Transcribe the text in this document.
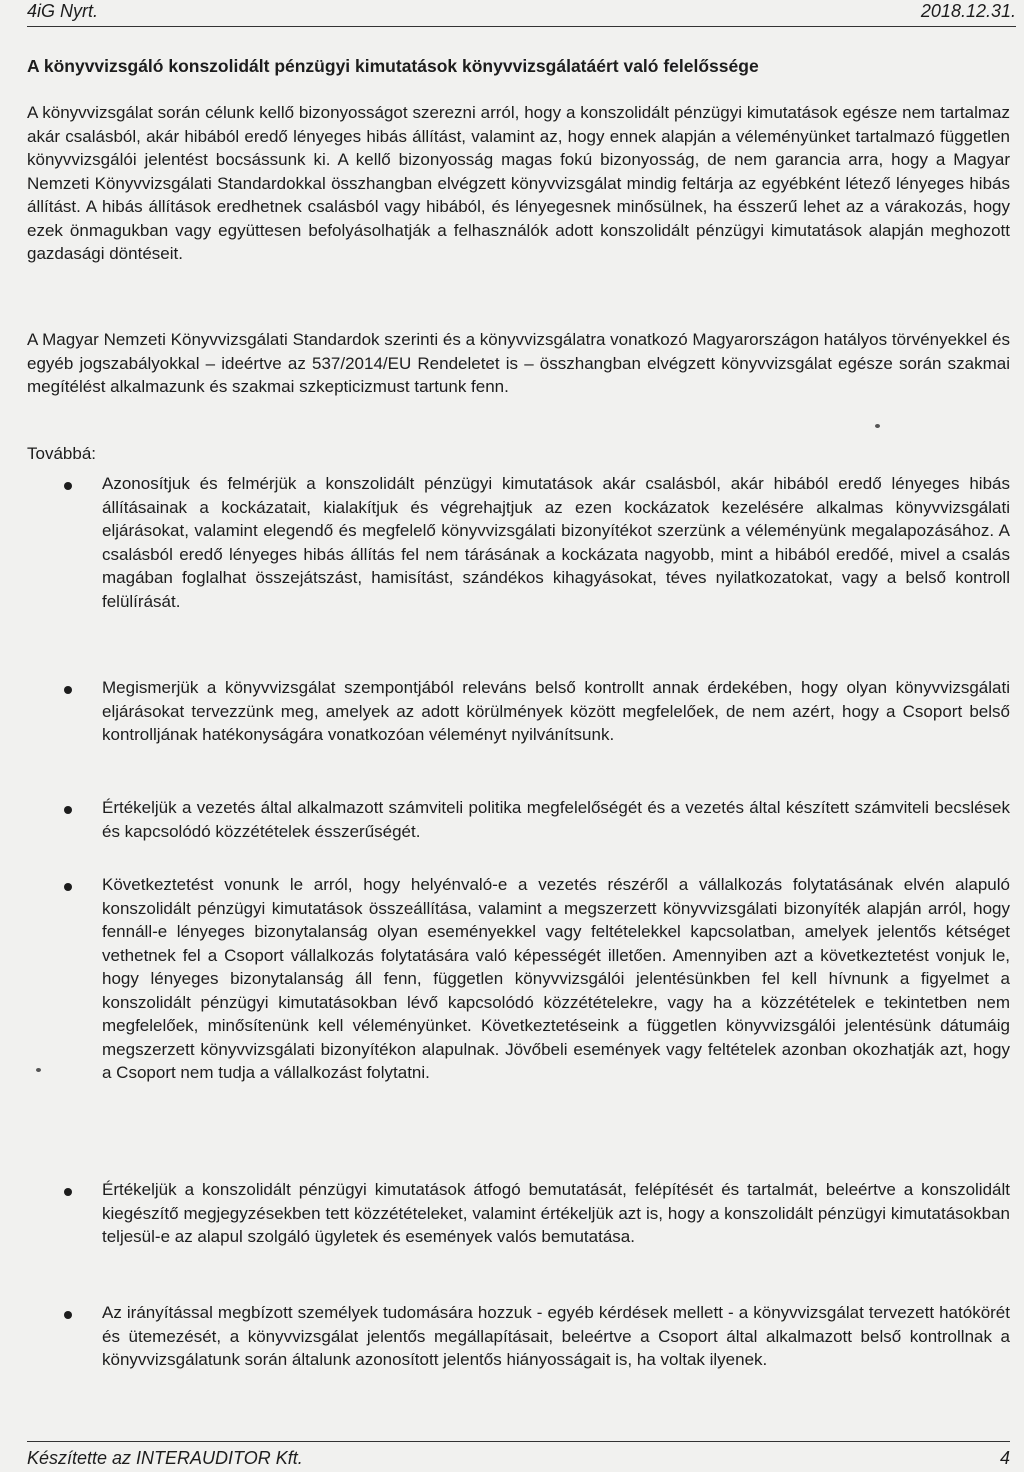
4iG Nyrt.	2018.12.31.
A könyvvizsgáló konszolidált pénzügyi kimutatások könyvvizsgálatáért való felelőssége

A könyvvizsgálat során célunk kellő bizonyosságot szerezni arról, hogy a konszolidált pénzügyi kimutatások egésze nem tartalmaz akár csalásból, akár hibából eredő lényeges hibás állítást, valamint az, hogy ennek alapján a véleményünket tartalmazó független könyvvizsgálói jelentést bocsássunk ki. A kellő bizonyosság magas fokú bizonyosság, de nem garancia arra, hogy a Magyar Nemzeti Könyvvizsgálati Standardokkal összhangban elvégzett könyvvizsgálat mindig feltárja az egyébként létező lényeges hibás állítást. A hibás állítások eredhetnek csalásból vagy hibából, és lényegesnek minősülnek, ha ésszerű lehet az a várakozás, hogy ezek önmagukban vagy együttesen befolyásolhatják a felhasználók adott konszolidált pénzügyi kimutatások alapján meghozott gazdasági döntéseit.

A Magyar Nemzeti Könyvvizsgálati Standardok szerinti és a könyvvizsgálatra vonatkozó Magyarországon hatályos törvényekkel és egyéb jogszabályokkal – ideértve az 537/2014/EU Rendeletet is – összhangban elvégzett könyvvizsgálat egésze során szakmai megítélést alkalmazunk és szakmai szkepticizmust tartunk fenn.

Továbbá:

Azonosítjuk és felmérjük a konszolidált pénzügyi kimutatások akár csalásból, akár hibából eredő lényeges hibás állításainak a kockázatait, kialakítjuk és végrehajtjuk az ezen kockázatok kezelésére alkalmas könyvvizsgálati eljárásokat, valamint elegendő és megfelelő könyvvizsgálati bizonyítékot szerzünk a véleményünk megalapozásához. A csalásból eredő lényeges hibás állítás fel nem tárásának a kockázata nagyobb, mint a hibából eredőé, mivel a csalás magában foglalhat összejátszást, hamisítást, szándékos kihagyásokat, téves nyilatkozatokat, vagy a belső kontroll felülírását.

Megismerjük a könyvvizsgálat szempontjából releváns belső kontrollt annak érdekében, hogy olyan könyvvizsgálati eljárásokat tervezzünk meg, amelyek az adott körülmények között megfelelőek, de nem azért, hogy a Csoport belső kontrolljának hatékonyságára vonatkozóan véleményt nyilvánítsunk.

Értékeljük a vezetés által alkalmazott számviteli politika megfelelőségét és a vezetés által készített számviteli becslések és kapcsolódó közzétételek ésszerűségét.

Következtetést vonunk le arról, hogy helyénvaló-e a vezetés részéről a vállalkozás folytatásának elvén alapuló konszolidált pénzügyi kimutatások összeállítása, valamint a megszerzett könyvvizsgálati bizonyíték alapján arról, hogy fennáll-e lényeges bizonytalanság olyan eseményekkel vagy feltételekkel kapcsolatban, amelyek jelentős kétséget vethetnek fel a Csoport vállalkozás folytatására való képességét illetően. Amennyiben azt a következtetést vonjuk le, hogy lényeges bizonytalanság áll fenn, független könyvvizsgálói jelentésünkben fel kell hívnunk a figyelmet a konszolidált pénzügyi kimutatásokban lévő kapcsolódó közzétételekre, vagy ha a közzétételek e tekintetben nem megfelelőek, minősítenünk kell véleményünket. Következtetéseink a független könyvvizsgálói jelentésünk dátumáig megszerzett könyvvizsgálati bizonyítékon alapulnak. Jövőbeli események vagy feltételek azonban okozhatják azt, hogy a Csoport nem tudja a vállalkozást folytatni.

Értékeljük a konszolidált pénzügyi kimutatások átfogó bemutatását, felépítését és tartalmát, beleértve a konszolidált kiegészítő megjegyzésekben tett közzétételeket, valamint értékeljük azt is, hogy a konszolidált pénzügyi kimutatásokban teljesül-e az alapul szolgáló ügyletek és események valós bemutatása.

Az irányítással megbízott személyek tudomására hozzuk - egyéb kérdések mellett - a könyvvizsgálat tervezett hatókörét és ütemezését, a könyvvizsgálat jelentős megállapításait, beleértve a Csoport által alkalmazott belső kontrollnak a könyvvizsgálatunk során általunk azonosított jelentős hiányosságait is, ha voltak ilyenek.

Készítette az INTERAUDITOR Kft.	4
